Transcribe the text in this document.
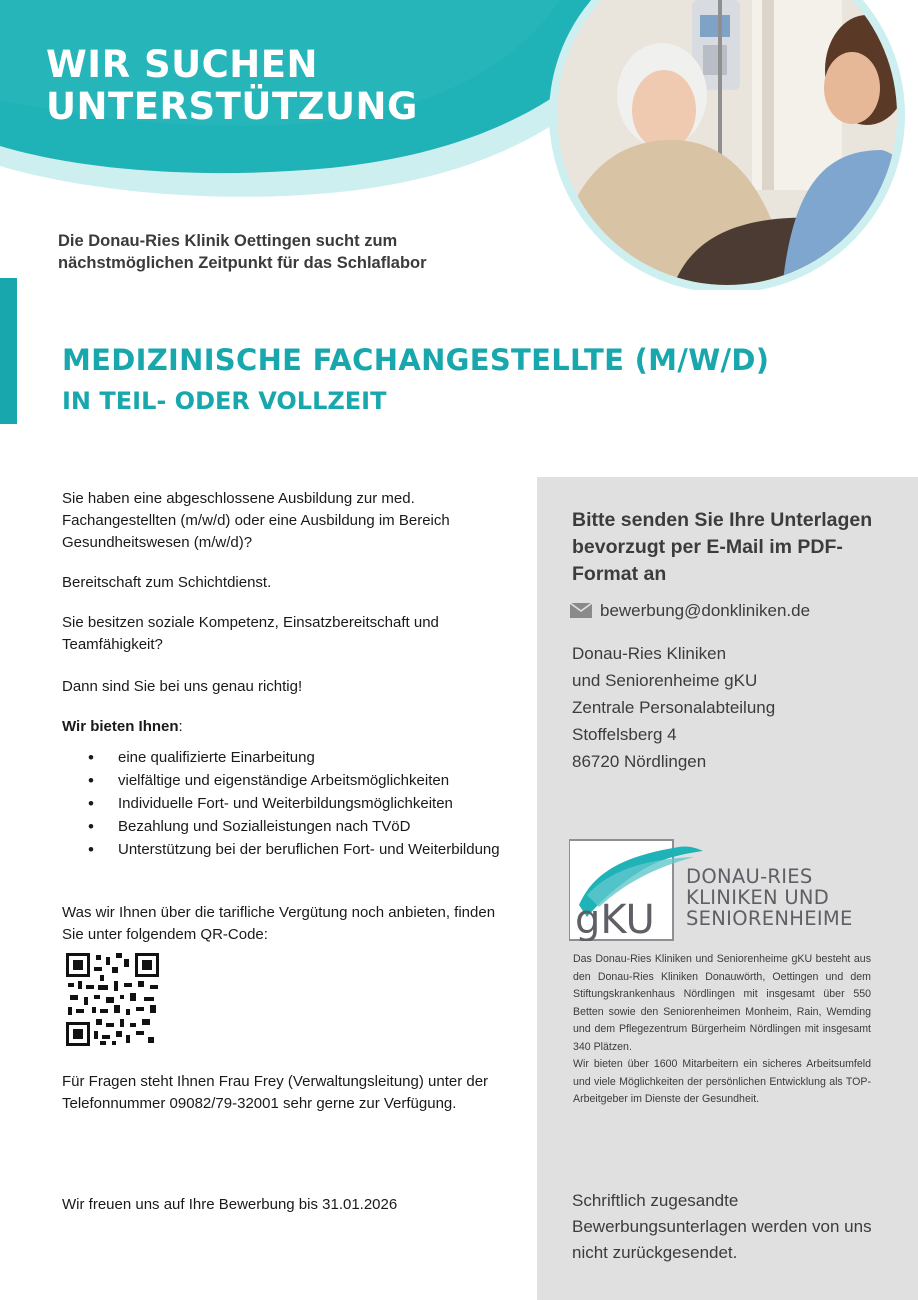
WIR SUCHEN
UNTERSTÜTZUNG

Die Donau-Ries Klinik Oettingen sucht zum nächstmöglichen Zeitpunkt für das Schlaflabor

MEDIZINISCHE FACHANGESTELLTE (M/W/D)
IN TEIL- ODER VOLLZEIT

Sie haben eine abgeschlossene Ausbildung zur med. Fachangestellten (m/w/d) oder eine Ausbildung im Bereich Gesundheitswesen (m/w/d)?

Bereitschaft zum Schichtdienst.

Sie besitzen soziale Kompetenz, Einsatzbereitschaft und Teamfähigkeit?

Dann sind Sie bei uns genau richtig!

Wir bieten Ihnen:

• eine qualifizierte Einarbeitung
• vielfältige und eigenständige Arbeitsmöglichkeiten
• Individuelle Fort- und Weiterbildungsmöglichkeiten
• Bezahlung und Sozialleistungen nach TVöD
• Unterstützung bei der beruflichen Fort- und Weiterbildung

Was wir Ihnen über die tarifliche Vergütung noch anbieten, finden Sie unter folgendem QR-Code:

Für Fragen steht Ihnen Frau Frey (Verwaltungsleitung) unter der Telefonnummer 09082/79-32001 sehr gerne zur Verfügung.

Wir freuen uns auf Ihre Bewerbung bis 31.01.2026

Bitte senden Sie Ihre Unterlagen bevorzugt per E-Mail im PDF-Format an

bewerbung@donkliniken.de

Donau-Ries Kliniken
und Seniorenheime gKU
Zentrale Personalabteilung
Stoffelsberg 4
86720 Nördlingen

gKU
DONAU-RIES
KLINIKEN UND
SENIORENHEIME

Das Donau-Ries Kliniken und Seniorenheime gKU besteht aus den Donau-Ries Kliniken Donauwörth, Oettingen und dem Stiftungskrankenhaus Nördlingen mit insgesamt über 550 Betten sowie den Seniorenheimen Monheim, Rain, Wemding und dem Pflegezentrum Bürgerheim Nördlingen mit insgesamt 340 Plätzen.

Wir bieten über 1600 Mitarbeitern ein sicheres Arbeitsumfeld und viele Möglichkeiten der persönlichen Entwicklung als TOP-Arbeitgeber im Dienste der Gesundheit.

Schriftlich zugesandte Bewerbungsunterlagen werden von uns nicht zurückgesendet.
